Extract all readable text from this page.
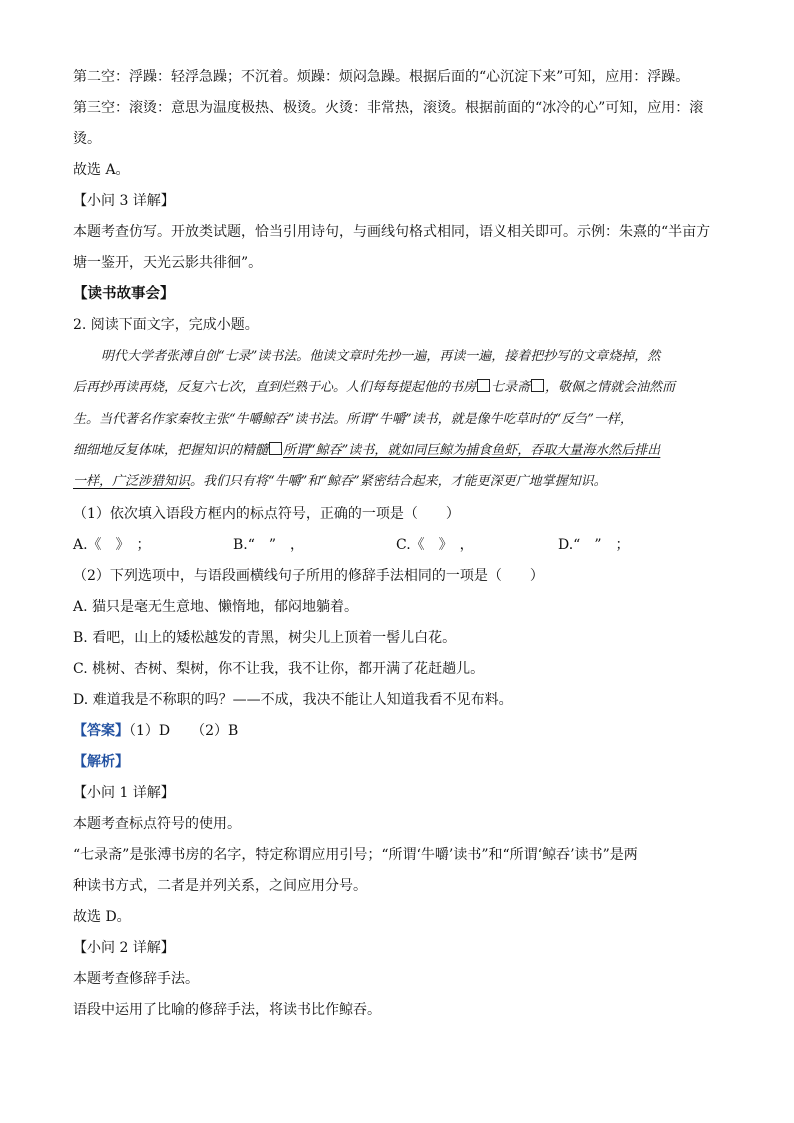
第二空：浮躁：轻浮急躁；不沉着。烦躁：烦闷急躁。根据后面的“心沉淀下来”可知，应用：浮躁。
第三空：滚烫：意思为温度极热、极烫。火烫：非常热，滚烫。根据前面的“冰冷的心”可知，应用：滚
烫。
故选 A。
【小问 3 详解】
本题考查仿写。开放类试题，恰当引用诗句，与画线句格式相同，语义相关即可。示例：朱熹的“半亩方
塘一鉴开，天光云影共徘徊”。
【读书故事会】
2. 阅读下面文字，完成小题。
明代大学者张溥自创“七录”读书法。他读文章时先抄一遍，再读一遍，接着把抄写的文章烧掉，然
后再抄再读再烧，反复六七次，直到烂熟于心。人们每每提起他的书房 七录斋 ，敬佩之情就会油然而
生。当代著名作家秦牧主张“牛嚼鲸吞”读书法。所谓“牛嚼”读书，就是像牛吃草时的“反刍”一样，
细细地反复体味，把握知识的精髓 所谓“鲸吞”读书，就如同巨鲸为捕食鱼虾，吞取大量海水然后排出
一样，广泛涉猎知识。我们只有将“牛嚼”和“鲸吞”紧密结合起来，才能更深更广地掌握知识。
（1）依次填入语段方框内的标点符号，正确的一项是（　　）
A.《　》　；	B.“　”　，	C.《　》　，	D.“　”　；
（2）下列选项中，与语段画横线句子所用的修辞手法相同的一项是（　　）
A. 猫只是毫无生意地、懒惰地，郁闷地躺着。
B. 看吧，山上的矮松越发的青黑，树尖儿上顶着一髻儿白花。
C. 桃树、杏树、梨树，你不让我，我不让你，都开满了花赶趟儿。
D. 难道我是不称职的吗？——不成，我决不能让人知道我看不见布料。
【答案】（1）D　　（2）B
【解析】
【小问 1 详解】
本题考查标点符号的使用。
“七录斋”是张溥书房的名字，特定称谓应用引号；“所谓‘牛嚼’读书”和“所谓‘鲸吞’读书”是两
种读书方式，二者是并列关系，之间应用分号。
故选 D。
【小问 2 详解】
本题考查修辞手法。
语段中运用了比喻的修辞手法，将读书比作鲸吞。
